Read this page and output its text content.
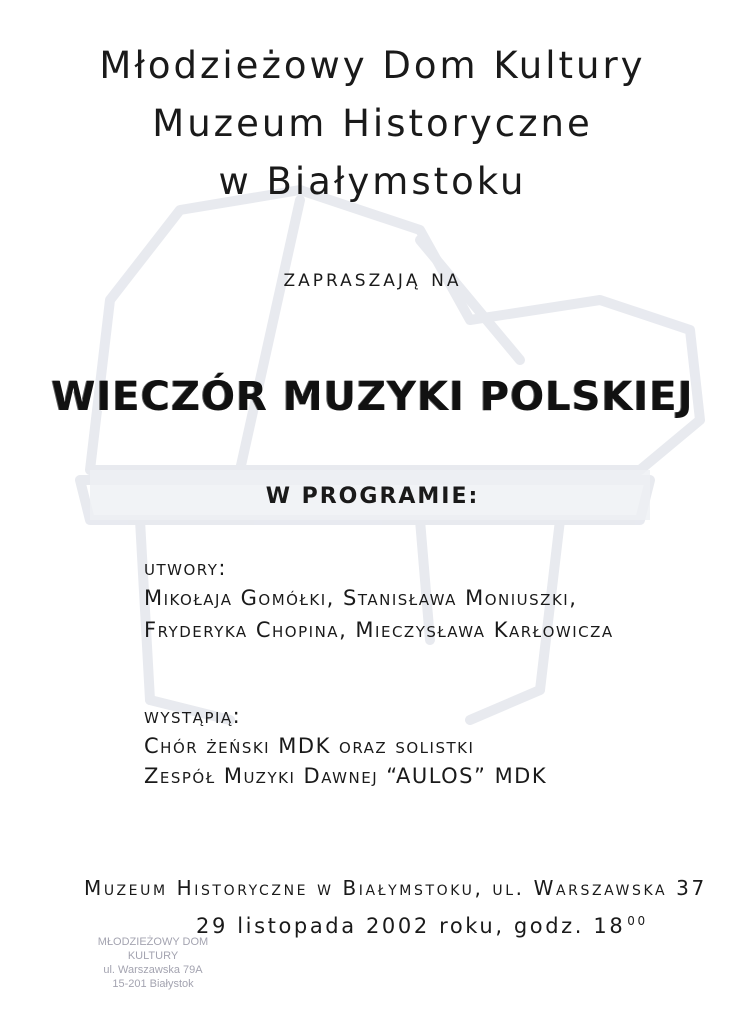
Młodzieżowy Dom Kultury
Muzeum Historyczne
w Białymstoku
zapraszają na
WIECZÓR MUZYKI POLSKIEJ
W PROGRAMIE:
utwory:
Mikołaja Gomółki, Stanisława Moniuszki,
Fryderyka Chopina, Mieczysława Karłowicza
wystąpią:
Chór żeński MDK oraz solistki
Zespół Muzyki Dawnej “AULOS” MDK
Muzeum Historyczne w Białymstoku, ul. Warszawska 37
29 listopada 2002 roku, godz. 18 $^{00}$
MŁODZIEŻOWY DOM KULTURY
ul. Warszawska 79A
15-201 Białystok
